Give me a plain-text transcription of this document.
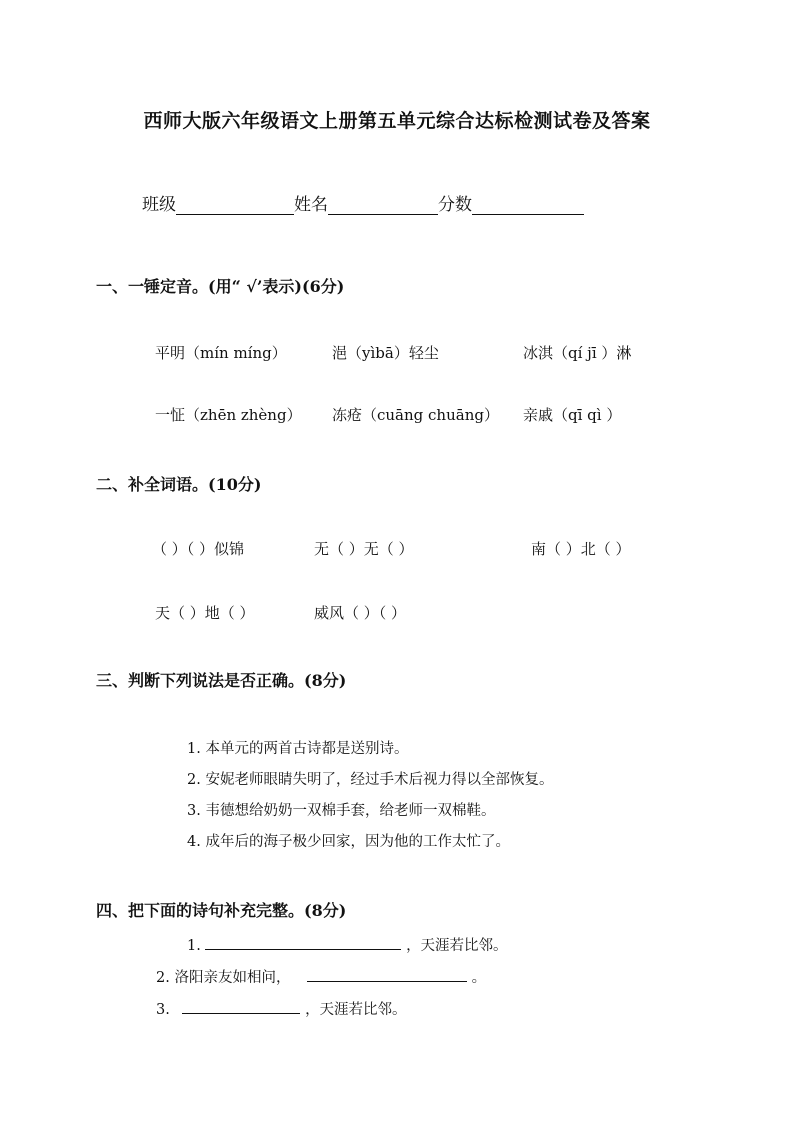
西师大版六年级语文上册第五单元综合达标检测试卷及答案
班级	姓名	分数
一、一锤定音。(用“ √’表示)(6分)
平明（mín míng）	浥（yìbā）轻尘	冰淇（qí jī ）淋
一怔（zhēn zhèng） 冻疮（cuāng chuāng） 亲戚（qī qì ）
二、补全词语。(10分)
（ ）（ ）似锦	无（ ）无（ ）	南（ ）北（ ）
天（ ）地（ ）	威风（ ）（ ）
三、判断下列说法是否正确。(8分)
1. 本单元的两首古诗都是送别诗。
2. 安妮老师眼睛失明了，经过手术后视力得以全部恢复。
3. 韦德想给奶奶一双棉手套，给老师一双棉鞋。
4. 成年后的海子极少回家，因为他的工作太忙了。
四、把下面的诗句补充完整。(8分)
1.	，天涯若比邻。
2. 洛阳亲友如相问，	。
3.	，天涯若比邻。
